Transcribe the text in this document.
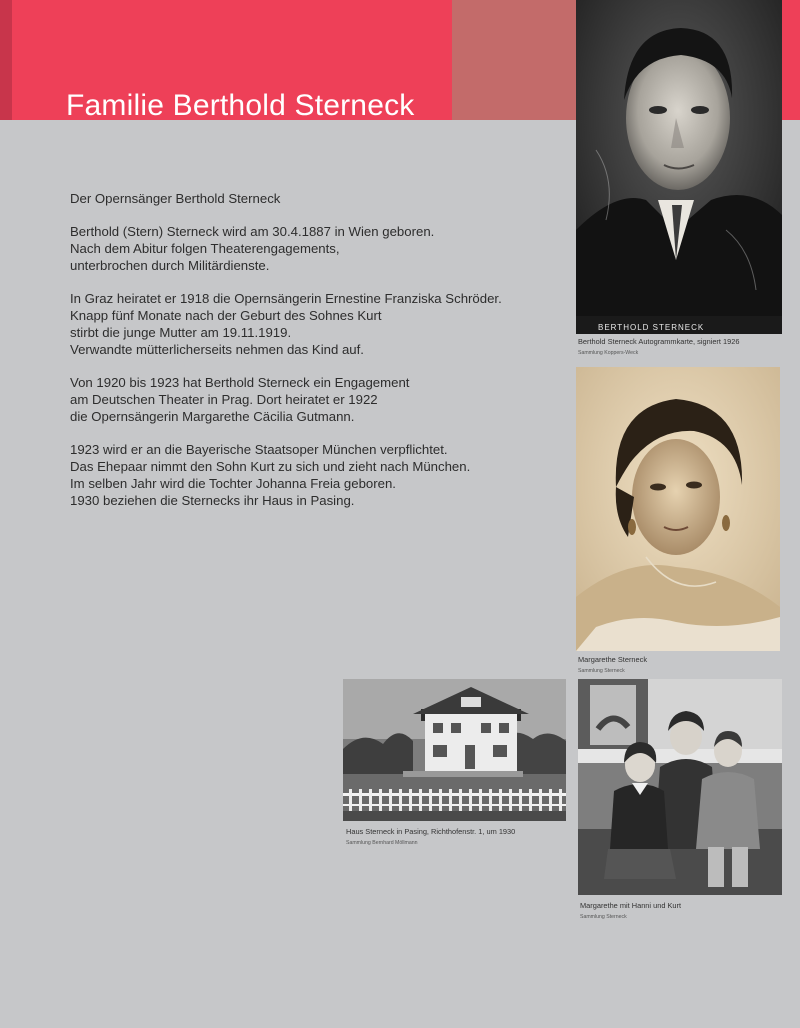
Familie Berthold Sterneck

Der Opernsänger Berthold Sterneck

Berthold (Stern) Sterneck wird am 30.4.1887 in Wien geboren.
Nach dem Abitur folgen Theaterengagements,
unterbrochen durch Militärdienste.

In Graz heiratet er 1918 die Opernsängerin Ernestine Franziska Schröder.
Knapp fünf Monate nach der Geburt des Sohnes Kurt
stirbt die junge Mutter am 19.11.1919.
Verwandte mütterlicherseits nehmen das Kind auf.

Von 1920 bis 1923 hat Berthold Sterneck ein Engagement
am Deutschen Theater in Prag. Dort heiratet er 1922
die Opernsängerin Margarethe Cäcilia Gutmann.

1923 wird er an die Bayerische Staatsoper München verpflichtet.
Das Ehepaar nimmt den Sohn Kurt zu sich und zieht nach München.
Im selben Jahr wird die Tochter Johanna Freia geboren.
1930 beziehen die Sternecks ihr Haus in Pasing.

BERTHOLD STERNECK
Berthold Sterneck Autogrammkarte, signiert 1926
Sammlung Koppers-Weck
Margarethe Sterneck
Sammlung Sterneck
Haus Sterneck in Pasing, Richthofenstr. 1, um 1930
Sammlung Bernhard Möllmann
Margarethe mit Hanni und Kurt
Sammlung Sterneck
